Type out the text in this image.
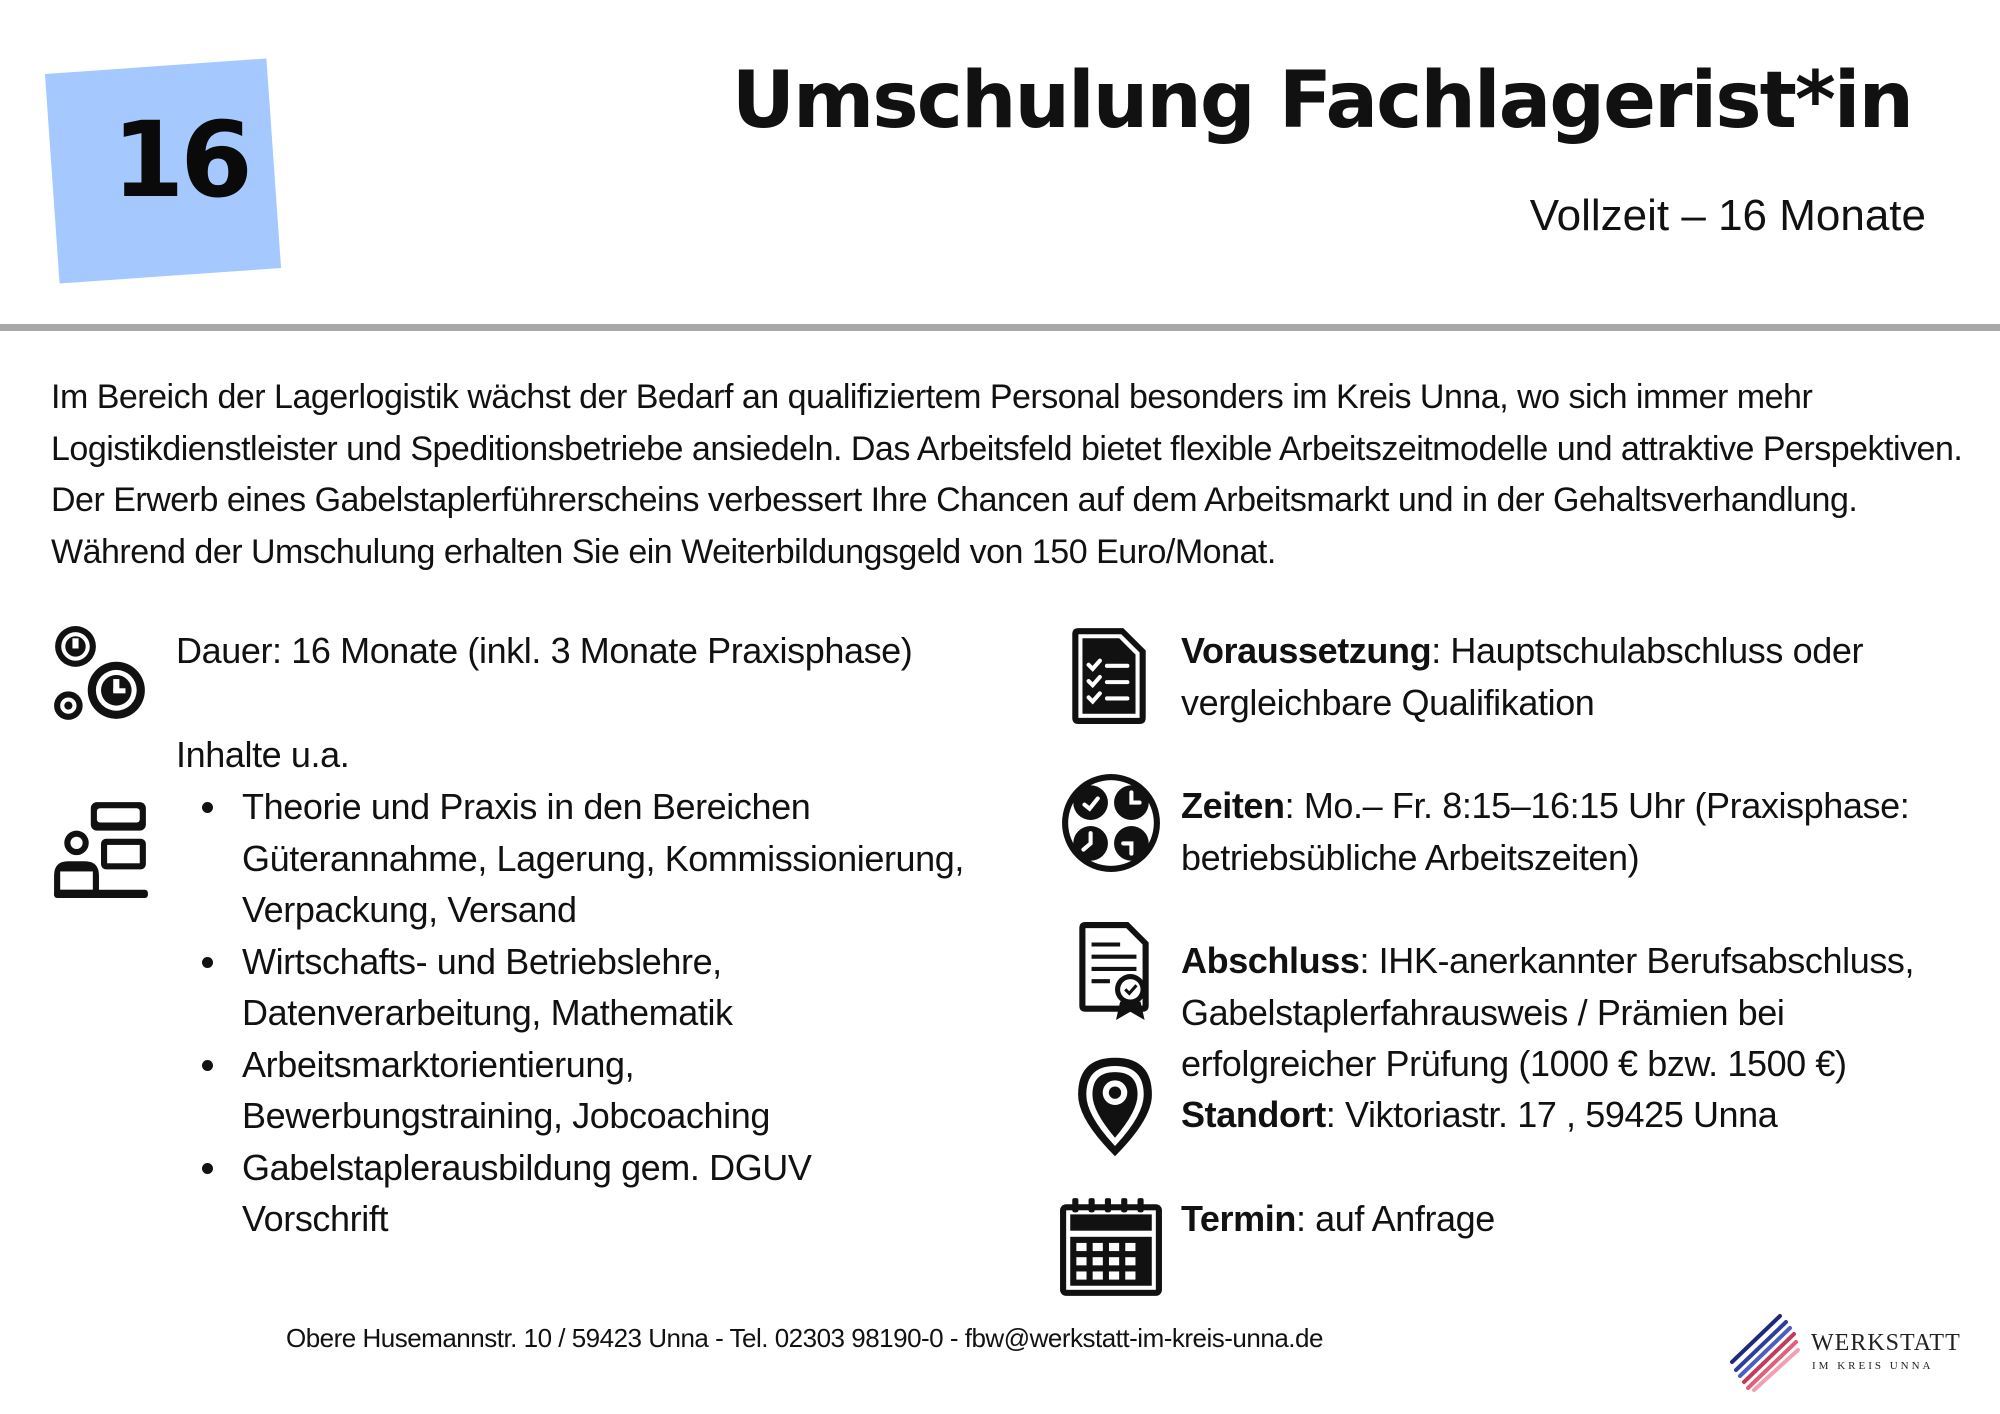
16	Umschulung Fachlagerist*in
Vollzeit – 16 Monate
Im Bereich der Lagerlogistik wächst der Bedarf an qualifiziertem Personal besonders im Kreis Unna, wo sich immer mehr Logistikdienstleister und Speditionsbetriebe ansiedeln. Das Arbeitsfeld bietet flexible Arbeitszeitmodelle und attraktive Perspektiven. Der Erwerb eines Gabelstaplerführerscheins verbessert Ihre Chancen auf dem Arbeitsmarkt und in der Gehaltsverhandlung. Während der Umschulung erhalten Sie ein Weiterbildungsgeld von 150 Euro/Monat.
Dauer: 16 Monate (inkl. 3 Monate Praxisphase)
Inhalte u.a.
Theorie und Praxis in den Bereichen Güterannahme, Lagerung, Kommissionierung, Verpackung, Versand
Wirtschafts- und Betriebslehre, Datenverarbeitung, Mathematik
Arbeitsmarktorientierung, Bewerbungstraining, Jobcoaching
Gabelstaplerausbildung gem. DGUV Vorschrift
Voraussetzung: Hauptschulabschluss oder vergleichbare Qualifikation
Zeiten: Mo.– Fr. 8:15–16:15 Uhr (Praxisphase: betriebsübliche Arbeitszeiten)
Abschluss: IHK-anerkannter Berufsabschluss, Gabelstaplerfahrausweis / Prämien bei erfolgreicher Prüfung (1000 € bzw. 1500 €)
Standort: Viktoriastr. 17 , 59425 Unna
Termin: auf Anfrage
Obere Husemannstr. 10 / 59423 Unna - Tel. 02303 98190-0 - fbw@werkstatt-im-kreis-unna.de	WERKSTATT
IM KREIS UNNA
